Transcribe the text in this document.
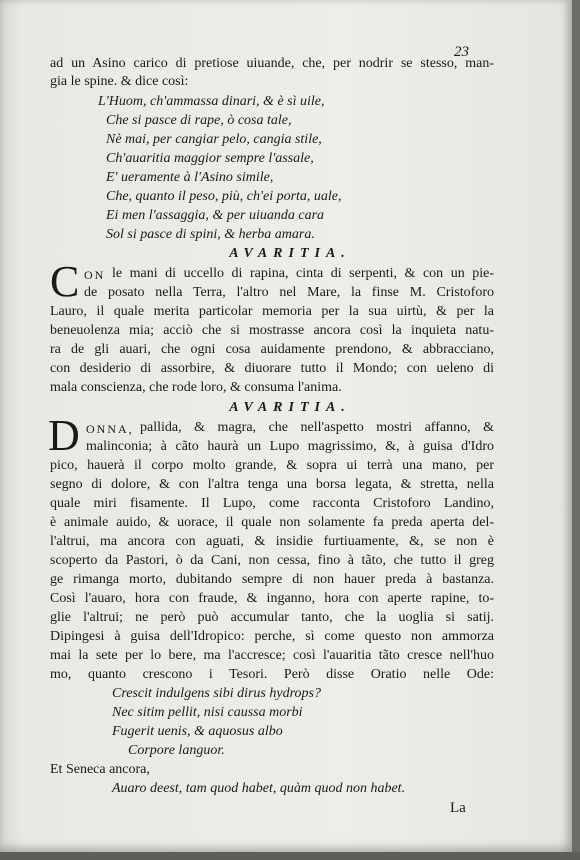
23
ad un Asino carico di pretiose uiuande, che, per nodrir se stesso, man-
gia le spine. & dice così:
L'Huom, ch'ammassa dinari, & è sì uile,
Che si pasce di rape, ò cosa tale,
Nè mai, per cangiar pelo, cangia stile,
Ch'auaritia maggior sempre l'assale,
E' ueramente à l'Asino simile,
Che, quanto il peso, più, ch'ei porta, uale,
Ei men l'assaggia, & per uiuanda cara
Sol si pasce di spini, & herba amara.
AVARITIA.
C ON le mani di uccello di rapina, cinta di serpenti, & con un pie-
de posato nella Terra, l'altro nel Mare, la finse M. Cristoforo
Lauro, il quale merita particolar memoria per la sua uirtù, & per la
beneuolenza mia; acciò che si mostrasse ancora così la inquieta natu-
ra de gli auari, che ogni cosa auidamente prendono, & abbracciano,
con desiderio di assorbire, & diuorare tutto il Mondo; con ueleno di
mala conscienza, che rode loro, & consuma l'anima.
AVARITIA.
D ONNA, pallida, & magra, che nell'aspetto mostri affanno, &
malinconia; à cãto haurà un Lupo magrissimo, &, à guisa d'Idro
pico, hauerà il corpo molto grande, & sopra ui terrà una mano, per
segno di dolore, & con l'altra tenga una borsa legata, & stretta, nella
quale miri fisamente. Il Lupo, come racconta Cristoforo Landino,
è animale auido, & uorace, il quale non solamente fa preda aperta del-
l'altrui, ma ancora con aguati, & insidie furtiuamente, &, se non è
scoperto da Pastori, ò da Cani, non cessa, fino à tãto, che tutto il greg
ge rimanga morto, dubitando sempre di non hauer preda à bastanza.
Così l'auaro, hora con fraude, & inganno, hora con aperte rapine, to-
glie l'altrui; ne però può accumular tanto, che la uoglia si satij.
Dipingesi à guisa dell'Idropico: perche, sì come questo non ammorza
mai la sete per lo bere, ma l'accresce; così l'auaritia tãto cresce nell'huo
mo, quanto crescono i Tesori. Però disse Oratio nelle Ode:
Crescit indulgens sibi dirus hydrops?
Nec sitim pellit, nisi caussa morbi
Fugerit uenis, & aquosus albo
Corpore languor.
Et Seneca ancora,
Auaro deest, tam quod habet, quàm quod non habet.
La
